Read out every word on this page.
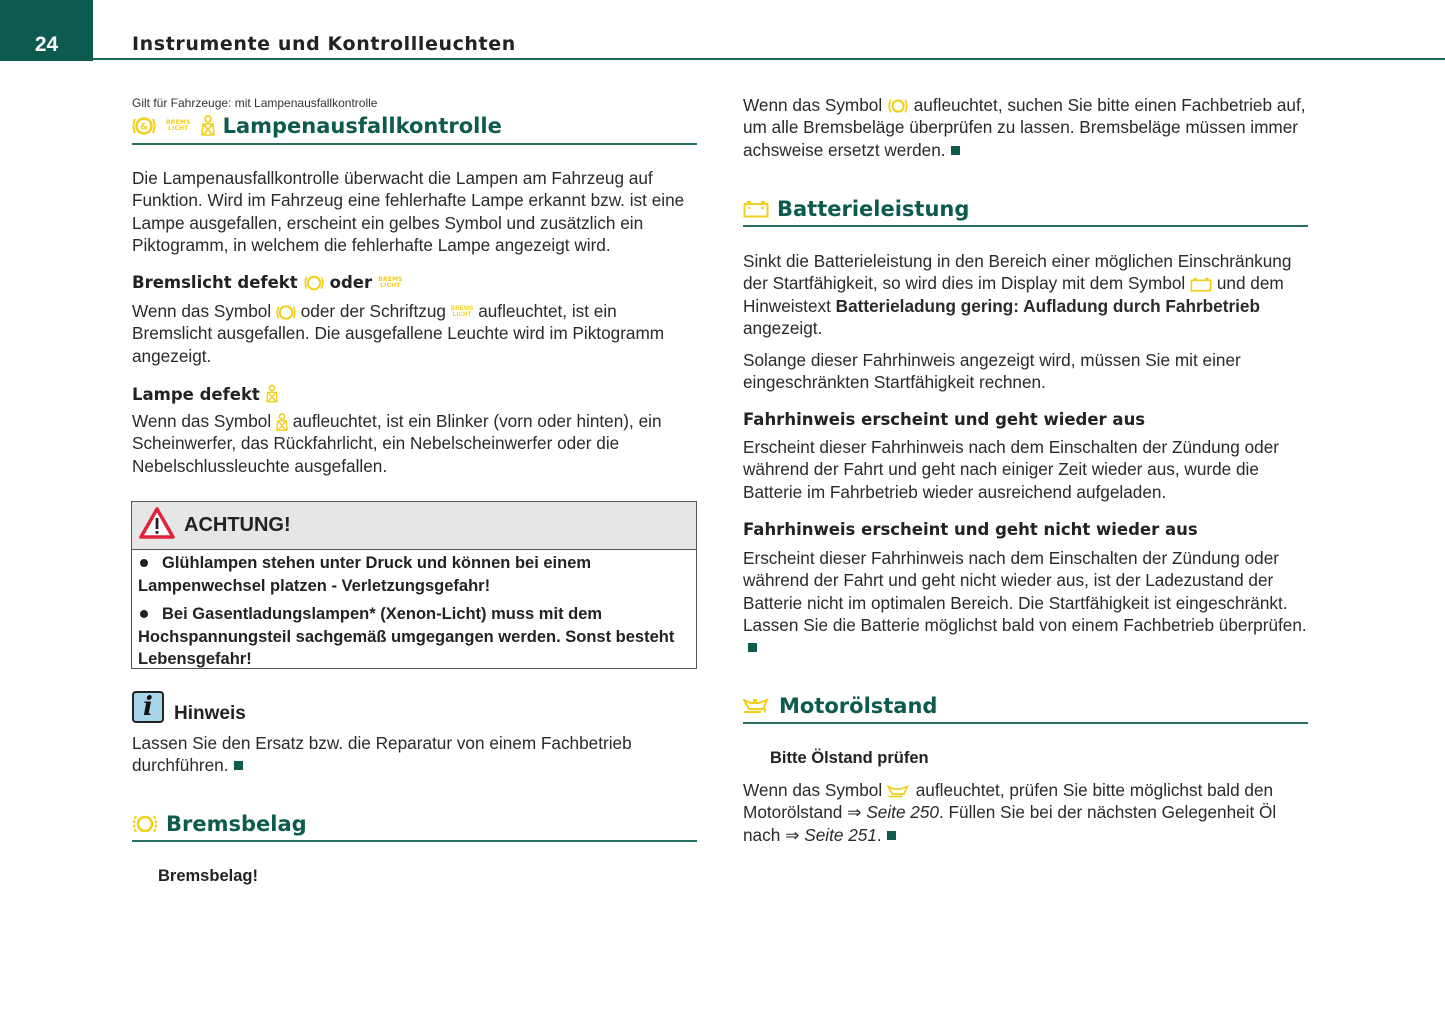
24	Instrumente und Kontrollleuchten
Gilt für Fahrzeuge: mit Lampenausfallkontrolle
&	BREMS
LICHT Lampenausfallkontrolle

Die Lampenausfallkontrolle überwacht die Lampen am Fahrzeug auf Funktion. Wird im Fahrzeug eine fehlerhafte Lampe erkannt bzw. ist eine Lampe ausgefallen, erscheint ein gelbes Symbol und zusätzlich ein Piktogramm, in welchem die fehlerhafte Lampe angezeigt wird.

Bremslicht defekt oder BREMS
LICHT

Wenn das Symbol oder der Schriftzug BREMS
LICHT aufleuchtet, ist ein Bremslicht ausgefallen. Die ausgefallene Leuchte wird im Piktogramm angezeigt.

Lampe defekt

Wenn das Symbol aufleuchtet, ist ein Blinker (vorn oder hinten), ein Scheinwerfer, das Rückfahrlicht, ein Nebelscheinwerfer oder die Nebelschlussleuchte ausgefallen.

ACHTUNG!

Glühlampen stehen unter Druck und können bei einem Lampenwechsel platzen - Verletzungsgefahr!

Bei Gasentladungslampen* (Xenon-Licht) muss mit dem Hochspannungsteil sachgemäß umgegangen werden. Sonst besteht Lebensgefahr!

i	Hinweis

Lassen Sie den Ersatz bzw. die Reparatur von einem Fachbetrieb durchführen.

Bremsbelag
Bremsbelag!

Wenn das Symbol aufleuchtet, suchen Sie bitte einen Fachbetrieb auf, um alle Bremsbeläge überprüfen zu lassen. Bremsbeläge müssen immer achsweise ersetzt werden.

Batterieleistung

Sinkt die Batterieleistung in den Bereich einer möglichen Einschränkung der Startfähigkeit, so wird dies im Display mit dem Symbol und dem Hinweistext Batterieladung gering: Aufladung durch Fahrbetrieb angezeigt.

Solange dieser Fahrhinweis angezeigt wird, müssen Sie mit einer eingeschränkten Startfähigkeit rechnen.

Fahrhinweis erscheint und geht wieder aus

Erscheint dieser Fahrhinweis nach dem Einschalten der Zündung oder während der Fahrt und geht nach einiger Zeit wieder aus, wurde die Batterie im Fahrbetrieb wieder ausreichend aufgeladen.

Fahrhinweis erscheint und geht nicht wieder aus

Erscheint dieser Fahrhinweis nach dem Einschalten der Zündung oder während der Fahrt und geht nicht wieder aus, ist der Ladezustand der Batterie nicht im optimalen Bereich. Die Startfähigkeit ist eingeschränkt. Lassen Sie die Batterie möglichst bald von einem Fachbetrieb überprüfen.

Motorölstand
Bitte Ölstand prüfen

Wenn das Symbol aufleuchtet, prüfen Sie bitte möglichst bald den Motorölstand ⇒ Seite 250. Füllen Sie bei der nächsten Gelegenheit Öl nach ⇒ Seite 251.
